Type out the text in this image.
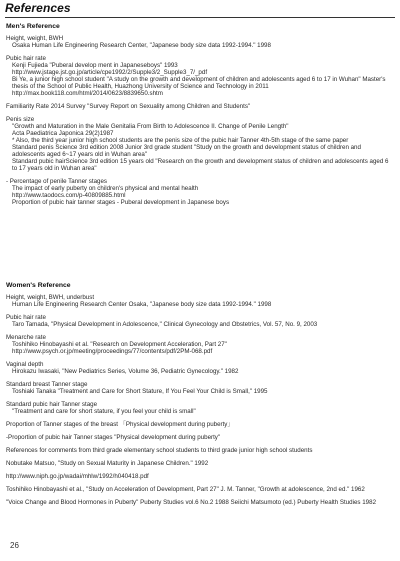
References
Men's Reference
Height, weight, BWH
Osaka Human Life Engineering Research Center, "Japanese body size data 1992-1994." 1998
Pubic hair rate
Kenji Fujieda "Puberal develop ment in Japaneseboys" 1993
http://www.jstage.jst.go.jp/article/cpe1992/2/Supple3/2_Supple3_7/_pdf
Bi Ye, a junior high school student "A study on the growth and development of children and adolescents aged 6 to 17 in Wuhan" Master's thesis of the School of Public Health, Huazhong University of Science and Technology in 2011
http://max.book118.com/html/2014/0623/8839650.shtm
Familiarity Rate 2014 Survey "Survey Report on Sexuality among Children and Students"
Penis size
"Growth and Maturation in the Male Genitalia From Birth to Adolescence II. Change of Penile Length"
Acta Paediatrica Japonica 29(2)1987
* Also, the third year junior high school students are the penis size of the pubic hair Tanner 4th-5th stage of the same paper
Standard penis Science 3rd edition 2008 Junior 3rd grade student "Study on the growth and development status of children and adolescents aged 6~17 years old in Wuhan area"
Standard pubic hairScience 3rd edition 15 years old "Research on the growth and development status of children and adolescents aged 6 to 17 years old in Wuhan area"
- Percentage of penile Tanner stages
The impact of early puberty on children's physical and mental health
http://www.taodocs.com/p-40809885.html
Proportion of pubic hair tanner stages - Puberal development in Japanese boys
Women's Reference
Height, weight, BWH, underbust
Human Life Engineering Research Center Osaka, "Japanese body size data 1992-1994." 1998
Pubic hair rate
Taro Tamada, "Physical Development in Adolescence," Clinical Gynecology and Obstetrics, Vol. 57, No. 9, 2003
Menarche rate
Toshihiko Hinobayashi et al. "Research on Development Acceleration, Part 27"
http://www.psych.or.jp/meeting/proceedings/77/contents/pdf/2PM-068.pdf
Vaginal depth
Hirokazu Iwasaki, "New Pediatrics Series, Volume 36, Pediatric Gynecology." 1982
Standard breast Tanner stage
Toshiaki Tanaka "Treatment and Care for Short Stature, If You Feel Your Child is Small," 1995
Standard pubic hair Tanner stage
"Treatment and care for short stature, if you feel your child is small"
Proportion of Tanner stages of the breast 「Physical development during puberty」
-Proportion of pubic hair Tanner stages "Physical development during puberty"
References for comments from third grade elementary school students to third grade junior high school students
Nobutake Matsuo, "Study on Sexual Maturity in Japanese Children." 1992
http://www.niph.go.jp/wadai/mhlw/1992/h040418.pdf
Toshihiko Hinobayashi et al., "Study on Acceleration of Development, Part 27" J. M. Tanner, "Growth at adolescence, 2nd ed." 1962
"Voice Change and Blood Hormones in Puberty" Puberty Studies vol.6 No.2 1988 Seiichi Matsumoto (ed.) Puberty Health Studies 1982
26
